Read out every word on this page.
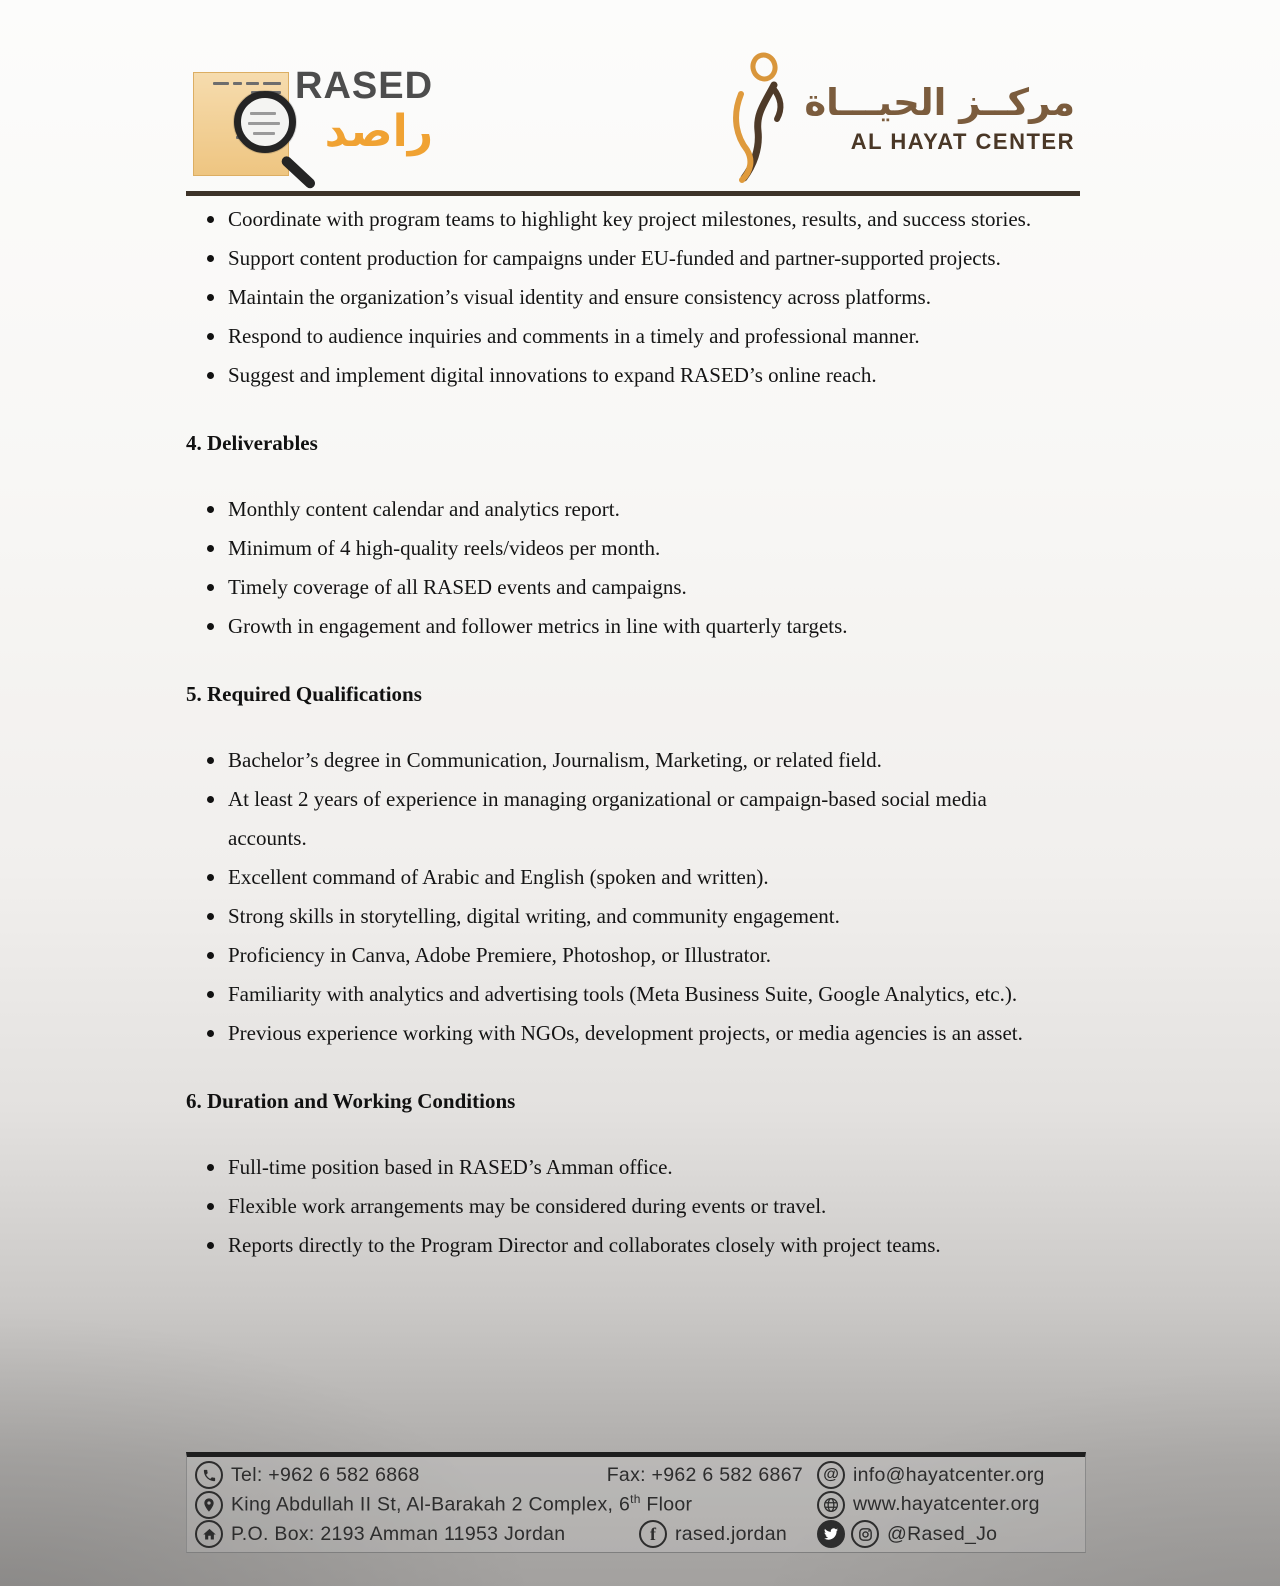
RASED
راصد
مركــز الحيـــاة
AL HAYAT CENTER
Coordinate with program teams to highlight key project milestones, results, and success stories.
Support content production for campaigns under EU-funded and partner-supported projects.
Maintain the organization’s visual identity and ensure consistency across platforms.
Respond to audience inquiries and comments in a timely and professional manner.
Suggest and implement digital innovations to expand RASED’s online reach.
4. Deliverables
Monthly content calendar and analytics report.
Minimum of 4 high-quality reels/videos per month.
Timely coverage of all RASED events and campaigns.
Growth in engagement and follower metrics in line with quarterly targets.
5. Required Qualifications
Bachelor’s degree in Communication, Journalism, Marketing, or related field.
At least 2 years of experience in managing organizational or campaign-based social media accounts.
Excellent command of Arabic and English (spoken and written).
Strong skills in storytelling, digital writing, and community engagement.
Proficiency in Canva, Adobe Premiere, Photoshop, or Illustrator.
Familiarity with analytics and advertising tools (Meta Business Suite, Google Analytics, etc.).
Previous experience working with NGOs, development projects, or media agencies is an asset.
6. Duration and Working Conditions
Full-time position based in RASED’s Amman office.
Flexible work arrangements may be considered during events or travel.
Reports directly to the Program Director and collaborates closely with project teams.
Tel: +962 6 582 6868	Fax: +962 6 582 6867 @ info@hayatcenter.org
King Abdullah II St, Al-Barakah 2 Complex, 6th Floor	www.hayatcenter.org
P.O. Box: 2193 Amman 11953 Jordan	f rased.jordan	@Rased_Jo
